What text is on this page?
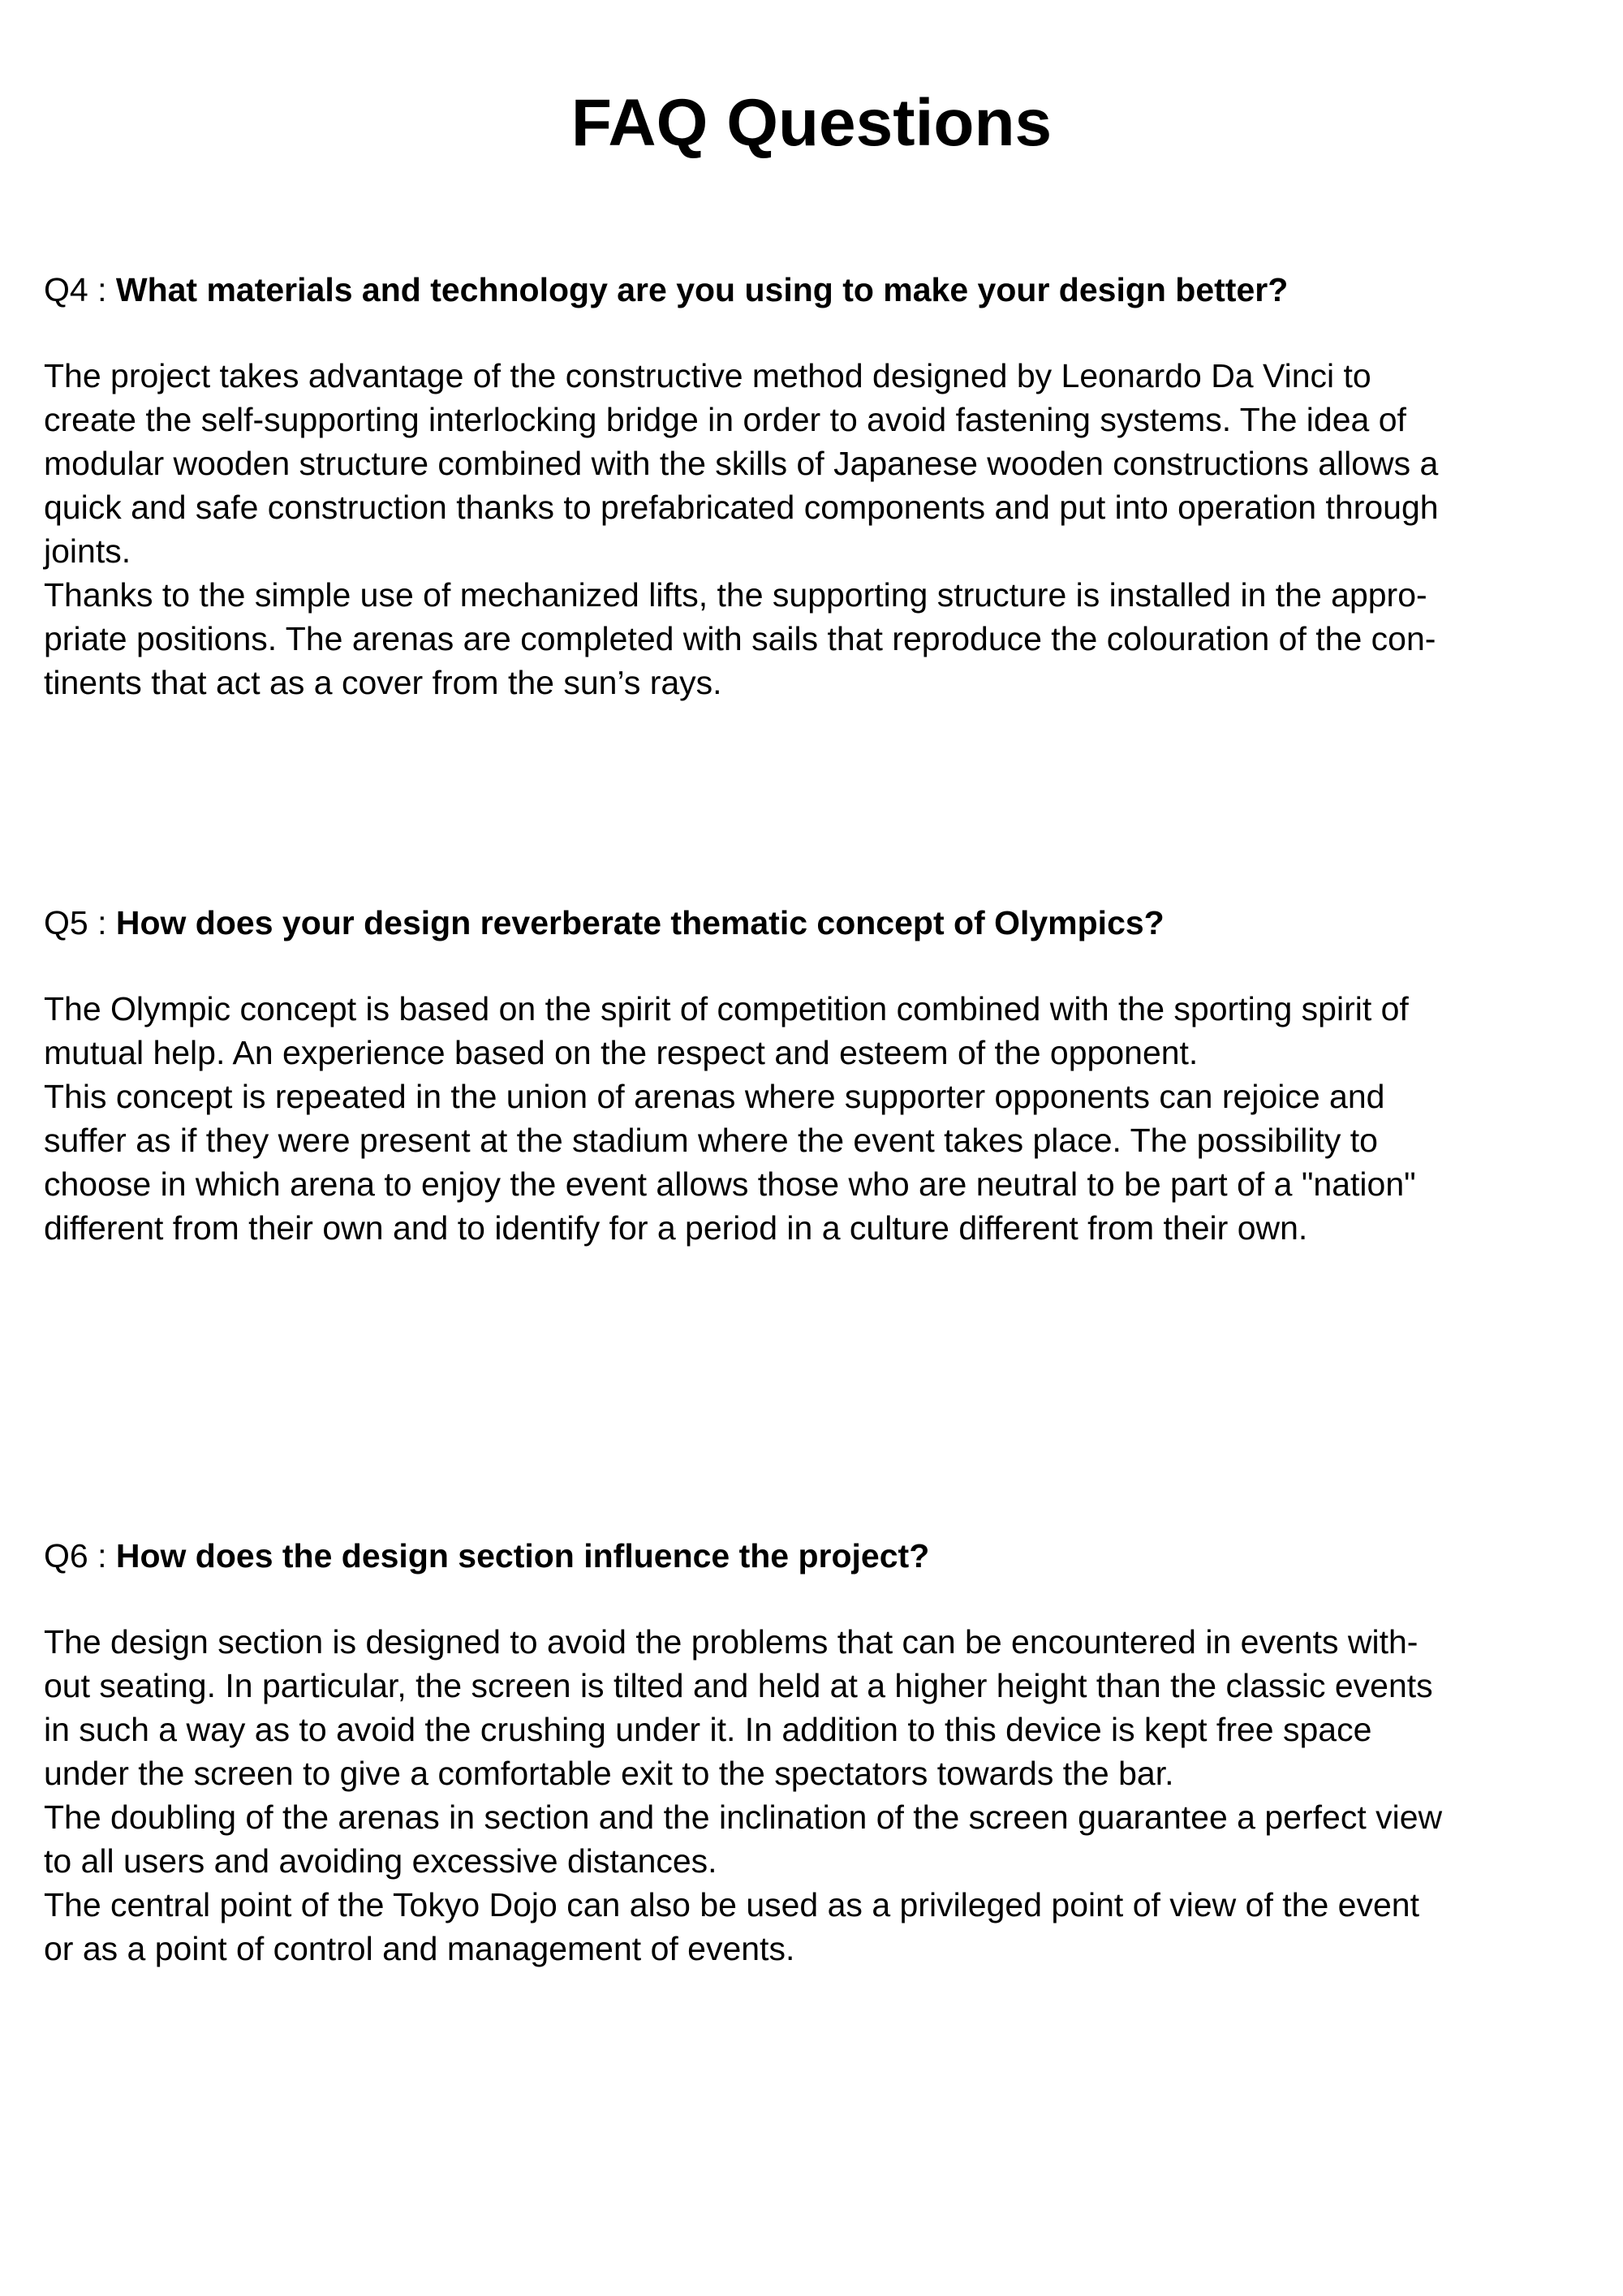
FAQ Questions

Q4 : What materials and technology are you using to make your design better?

The project takes advantage of the constructive method designed by Leonardo Da Vinci to

create the self-supporting interlocking bridge in order to avoid fastening systems. The idea of

modular wooden structure combined with the skills of Japanese wooden constructions allows a

quick and safe construction thanks to prefabricated components and put into operation through

joints.

Thanks to the simple use of mechanized lifts, the supporting structure is installed in the appro-

priate positions. The arenas are completed with sails that reproduce the colouration of the con-

tinents that act as a cover from the sun’s rays.

Q5 : How does your design reverberate thematic concept of Olympics?

The Olympic concept is based on the spirit of competition combined with the sporting spirit of

mutual help. An experience based on the respect and esteem of the opponent.

This concept is repeated in the union of arenas where supporter opponents can rejoice and

suffer as if they were present at the stadium where the event takes place. The possibility to

choose in which arena to enjoy the event allows those who are neutral to be part of a "nation"

different from their own and to identify for a period in a culture different from their own.

Q6 : How does the design section influence the project?

The design section is designed to avoid the problems that can be encountered in events with-

out seating. In particular, the screen is tilted and held at a higher height than the classic events

in such a way as to avoid the crushing under it. In addition to this device is kept free space

under the screen to give a comfortable exit to the spectators towards the bar.

The doubling of the arenas in section and the inclination of the screen guarantee a perfect view

to all users and avoiding excessive distances.

The central point of the Tokyo Dojo can also be used as a privileged point of view of the event

or as a point of control and management of events.
